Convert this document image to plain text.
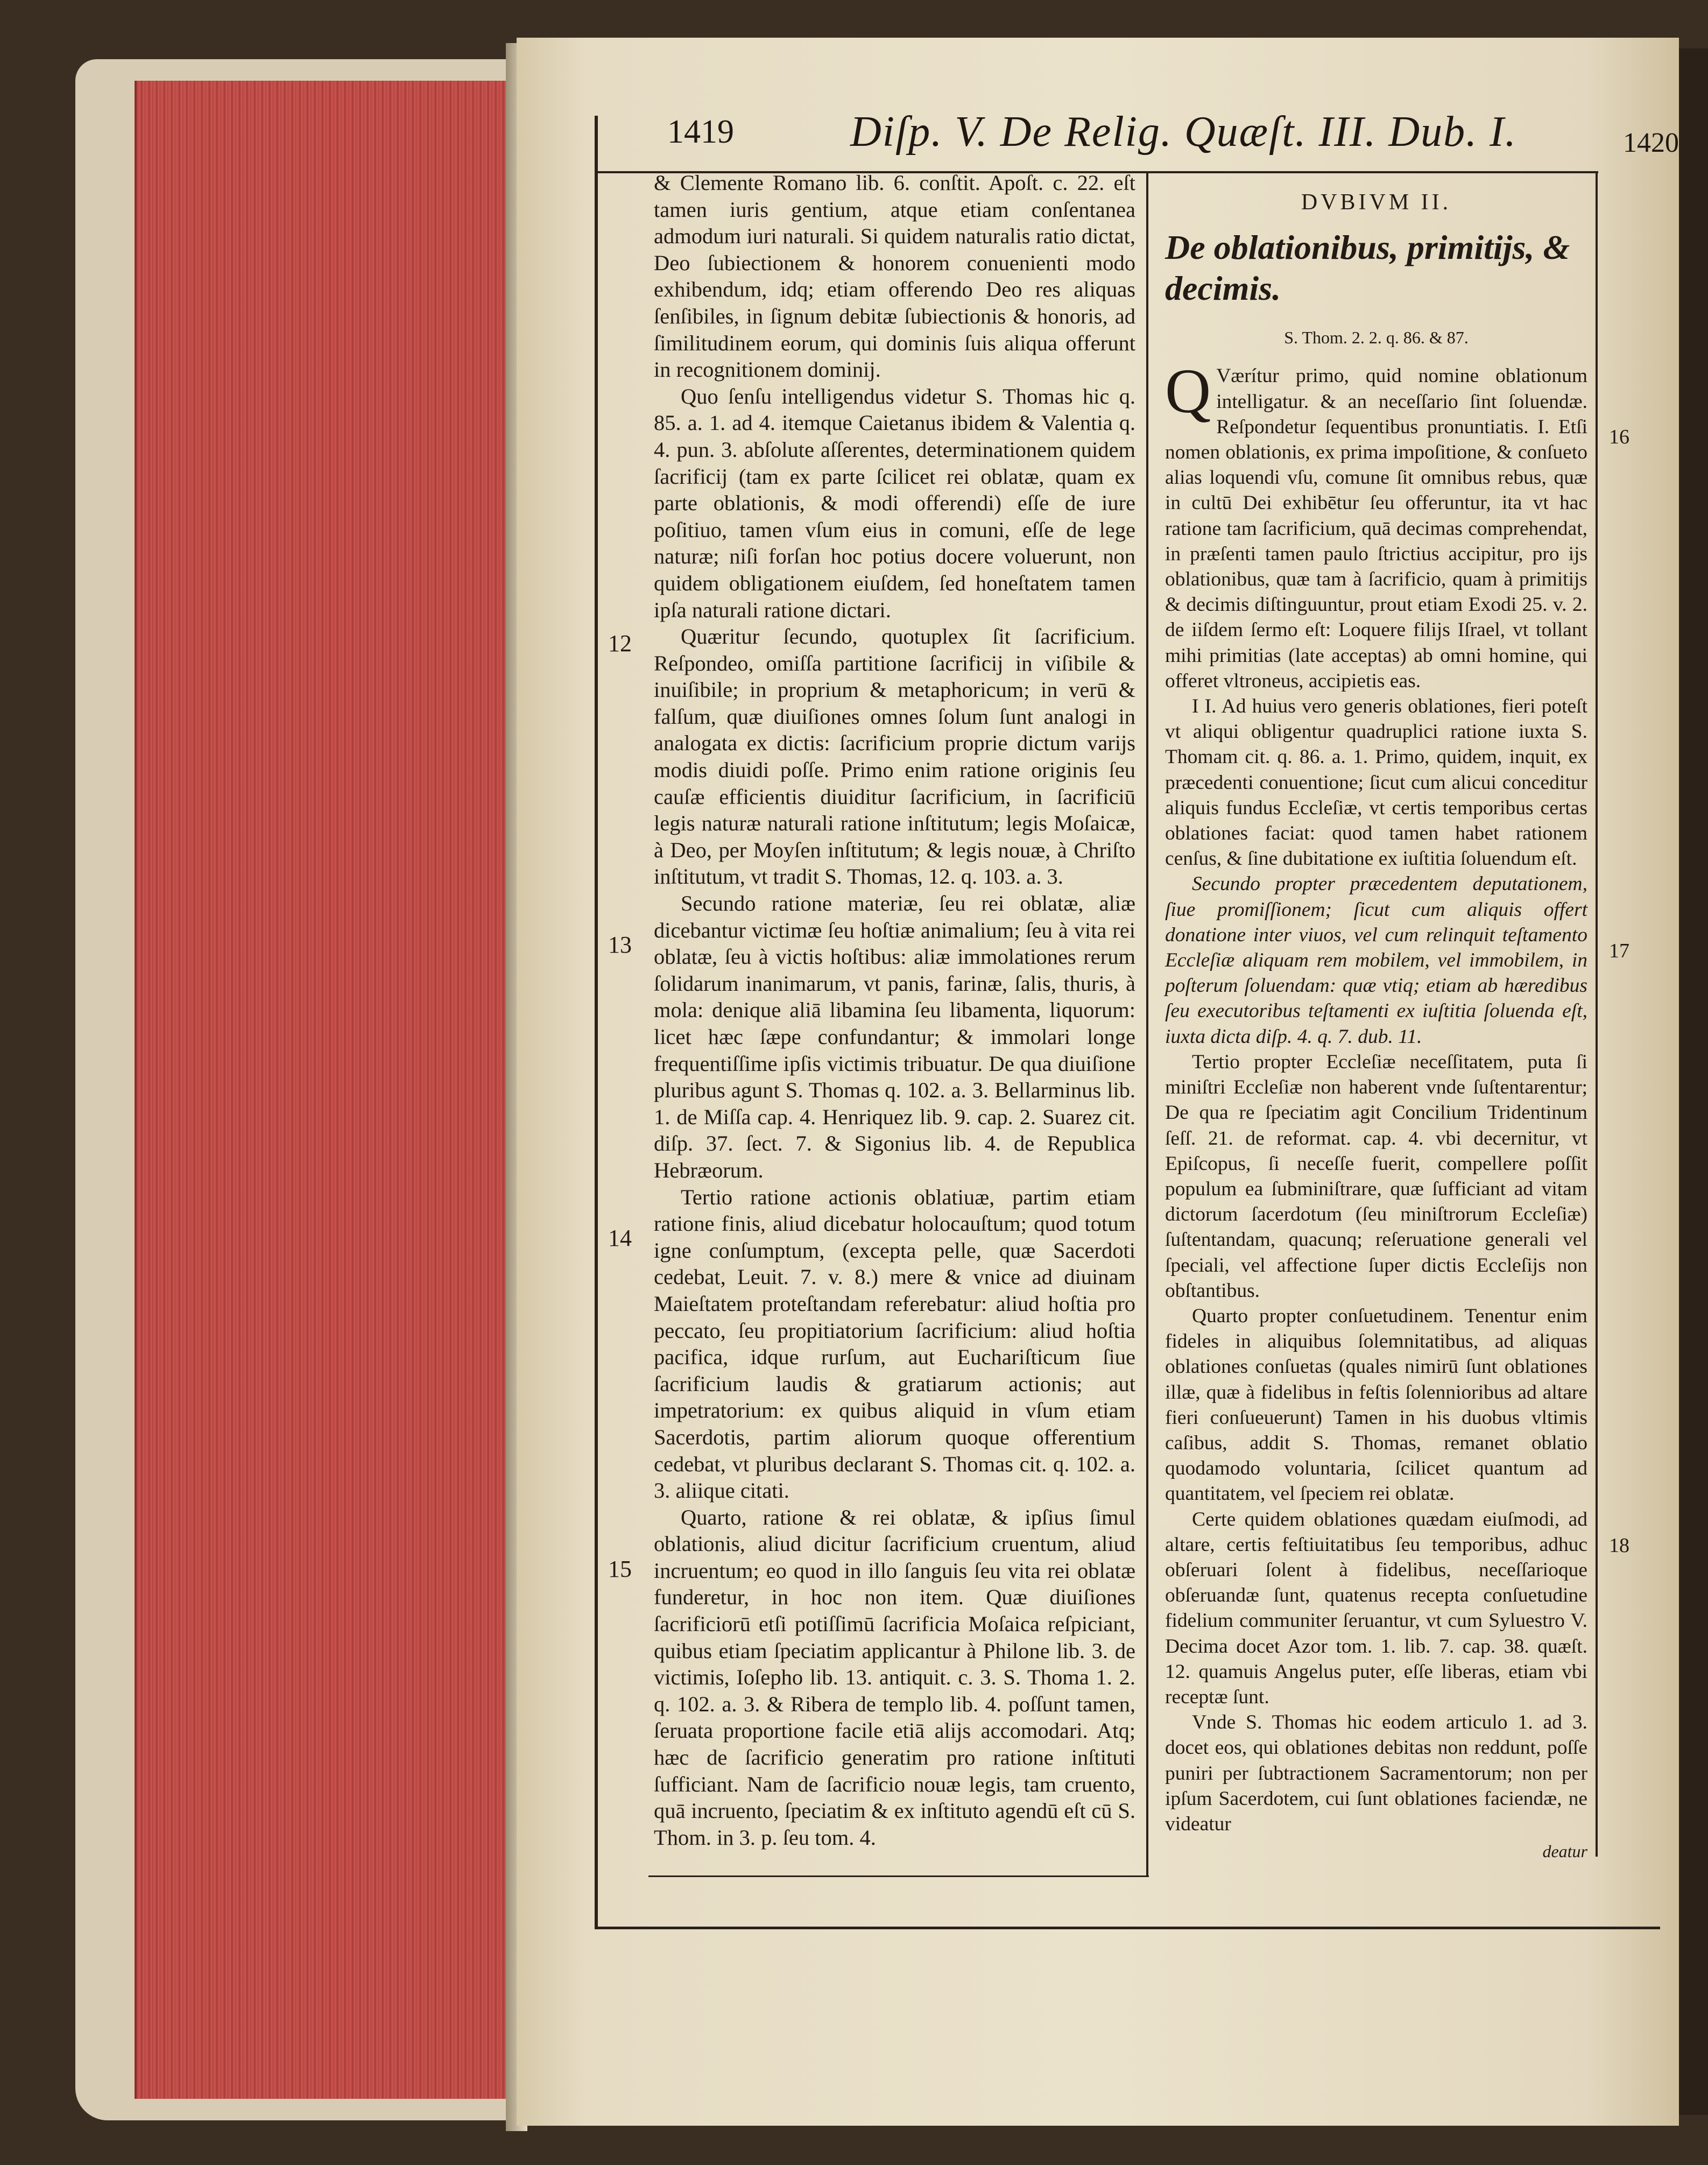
1419	Diſp. V. De Relig. Quæſt. III. Dub. I.	1420
12
13
14
15
16
17
18

& Clemente Romano lib. 6. conſtit. Apoſt. c. 22. eſt tamen iuris gentium, atque etiam conſentanea admodum iuri naturali. Si quidem naturalis ratio dictat, Deo ſubiectionem & honorem conuenienti modo exhibendum, idq; etiam offerendo Deo res aliquas ſenſibiles, in ſignum debitæ ſubiectionis & honoris, ad ſimilitudinem eorum, qui dominis ſuis aliqua offerunt in recognitionem dominij.

Quo ſenſu intelligendus videtur S. Thomas hic q. 85. a. 1. ad 4. itemque Caietanus ibidem & Valentia q. 4. pun. 3. abſolute aſſerentes, determinationem quidem ſacrificij (tam ex parte ſcilicet rei oblatæ, quam ex parte oblationis, & modi offerendi) eſſe de iure poſitiuo, tamen vſum eius in comuni, eſſe de lege naturæ; niſi forſan hoc potius docere voluerunt, non quidem obligationem eiuſdem, ſed honeſtatem tamen ipſa naturali ratione dictari.

Quæritur ſecundo, quotuplex ſit ſacrificium. Reſpondeo, omiſſa partitione ſacrificij in viſibile & inuiſibile; in proprium & metaphoricum; in verū & falſum, quæ diuiſiones omnes ſolum ſunt analogi in analogata ex dictis: ſacrificium proprie dictum varijs modis diuidi poſſe. Primo enim ratione originis ſeu cauſæ efficientis diuiditur ſacrificium, in ſacrificiū legis naturæ naturali ratione inſtitutum; legis Moſaicæ, à Deo, per Moyſen inſtitutum; & legis nouæ, à Chriſto inſtitutum, vt tradit S. Thomas, 12. q. 103. a. 3.

Secundo ratione materiæ, ſeu rei oblatæ, aliæ dicebantur victimæ ſeu hoſtiæ animalium; ſeu à vita rei oblatæ, ſeu à victis hoſtibus: aliæ immolationes rerum ſolidarum inanimarum, vt panis, farinæ, ſalis, thuris, à mola: denique aliā libamina ſeu libamenta, liquorum: licet hæc ſæpe confundantur; & immolari longe frequentiſſime ipſis victimis tribuatur. De qua diuiſione pluribus agunt S. Thomas q. 102. a. 3. Bellarminus lib. 1. de Miſſa cap. 4. Henriquez lib. 9. cap. 2. Suarez cit. diſp. 37. ſect. 7. & Sigonius lib. 4. de Republica Hebræorum.

Tertio ratione actionis oblatiuæ, partim etiam ratione finis, aliud dicebatur holocauſtum; quod totum igne conſumptum, (excepta pelle, quæ Sacerdoti cedebat, Leuit. 7. v. 8.) mere & vnice ad diuinam Maieſtatem proteſtandam referebatur: aliud hoſtia pro peccato, ſeu propitiatorium ſacrificium: aliud hoſtia pacifica, idque rurſum, aut Euchariſticum ſiue ſacrificium laudis & gratiarum actionis; aut impetratorium: ex quibus aliquid in vſum etiam Sacerdotis, partim aliorum quoque offerentium cedebat, vt pluribus declarant S. Thomas cit. q. 102. a. 3. aliique citati.

Quarto, ratione & rei oblatæ, & ipſius ſimul oblationis, aliud dicitur ſacrificium cruentum, aliud incruentum; eo quod in illo ſanguis ſeu vita rei oblatæ funderetur, in hoc non item. Quæ diuiſiones ſacrificiorū etſi potiſſimū ſacrificia Moſaica reſpiciant, quibus etiam ſpeciatim applicantur à Philone lib. 3. de victimis, Ioſepho lib. 13. antiquit. c. 3. S. Thoma 1. 2. q. 102. a. 3. & Ribera de templo lib. 4. poſſunt tamen, ſeruata proportione facile etiā alijs accomodari. Atq; hæc de ſacrificio generatim pro ratione inſtituti ſufficiant. Nam de ſacrificio nouæ legis, tam cruento, quā incruento, ſpeciatim & ex inſtituto agendū eſt cū S. Thom. in 3. p. ſeu tom. 4.

DVBIVM II.
De oblationibus, primitijs, & decimis.
S. Thom. 2. 2. q. 86. & 87.
Q Værítur primo, quid nomine oblationum intelligatur. & an neceſſario ſint ſoluendæ. Reſpondetur ſequentibus pronuntiatis. I. Etſi nomen oblationis, ex prima impoſitione, & conſueto alias loquendi vſu, comune ſit omnibus rebus, quæ in cultū Dei exhibētur ſeu offeruntur, ita vt hac ratione tam ſacrificium, quā decimas comprehendat, in præſenti tamen paulo ſtrictius accipitur, pro ijs oblationibus, quæ tam à ſacrificio, quam à primitijs & decimis diſtinguuntur, prout etiam Exodi 25. v. 2. de iiſdem ſermo eſt: Loquere filijs Iſrael, vt tollant mihi primitias (late acceptas) ab omni homine, qui offeret vltroneus, accipietis eas.

I I. Ad huius vero generis oblationes, fieri poteſt vt aliqui obligentur quadruplici ratione iuxta S. Thomam cit. q. 86. a. 1. Primo, quidem, inquit, ex præcedenti conuentione; ſicut cum alicui conceditur aliquis fundus Eccleſiæ, vt certis temporibus certas oblationes faciat: quod tamen habet rationem cenſus, & ſine dubitatione ex iuſtitia ſoluendum eſt.

Secundo propter præcedentem deputationem, ſiue promiſſionem; ſicut cum aliquis offert donatione inter viuos, vel cum relinquit teſtamento Eccleſiæ aliquam rem mobilem, vel immobilem, in poſterum ſoluendam: quæ vtiq; etiam ab hæredibus ſeu executoribus teſtamenti ex iuſtitia ſoluenda eſt, iuxta dicta diſp. 4. q. 7. dub. 11.

Tertio propter Eccleſiæ neceſſitatem, puta ſi miniſtri Eccleſiæ non haberent vnde ſuſtentarentur; De qua re ſpeciatim agit Concilium Tridentinum ſeſſ. 21. de reformat. cap. 4. vbi decernitur, vt Epiſcopus, ſi neceſſe fuerit, compellere poſſit populum ea ſubminiſtrare, quæ ſufficiant ad vitam dictorum ſacerdotum (ſeu miniſtrorum Eccleſiæ) ſuſtentandam, quacunq; reſeruatione generali vel ſpeciali, vel affectione ſuper dictis Eccleſijs non obſtantibus.

Quarto propter conſuetudinem. Tenentur enim fideles in aliquibus ſolemnitatibus, ad aliquas oblationes conſuetas (quales nimirū ſunt oblationes illæ, quæ à fidelibus in feſtis ſolennioribus ad altare fieri conſueuerunt) Tamen in his duobus vltimis caſibus, addit S. Thomas, remanet oblatio quodamodo voluntaria, ſcilicet quantum ad quantitatem, vel ſpeciem rei oblatæ.

Certe quidem oblationes quædam eiuſmodi, ad altare, certis feſtiuitatibus ſeu temporibus, adhuc obſeruari ſolent à fidelibus, neceſſarioque obſeruandæ ſunt, quatenus recepta conſuetudine fidelium communiter ſeruantur, vt cum Syluestro V. Decima docet Azor tom. 1. lib. 7. cap. 38. quæſt. 12. quamuis Angelus puter, eſſe liberas, etiam vbi receptæ ſunt.

Vnde S. Thomas hic eodem articulo 1. ad 3. docet eos, qui oblationes debitas non reddunt, poſſe puniri per ſubtractionem Sacramentorum; non per ipſum Sacerdotem, cui ſunt oblationes faciendæ, ne videatur

deatur
